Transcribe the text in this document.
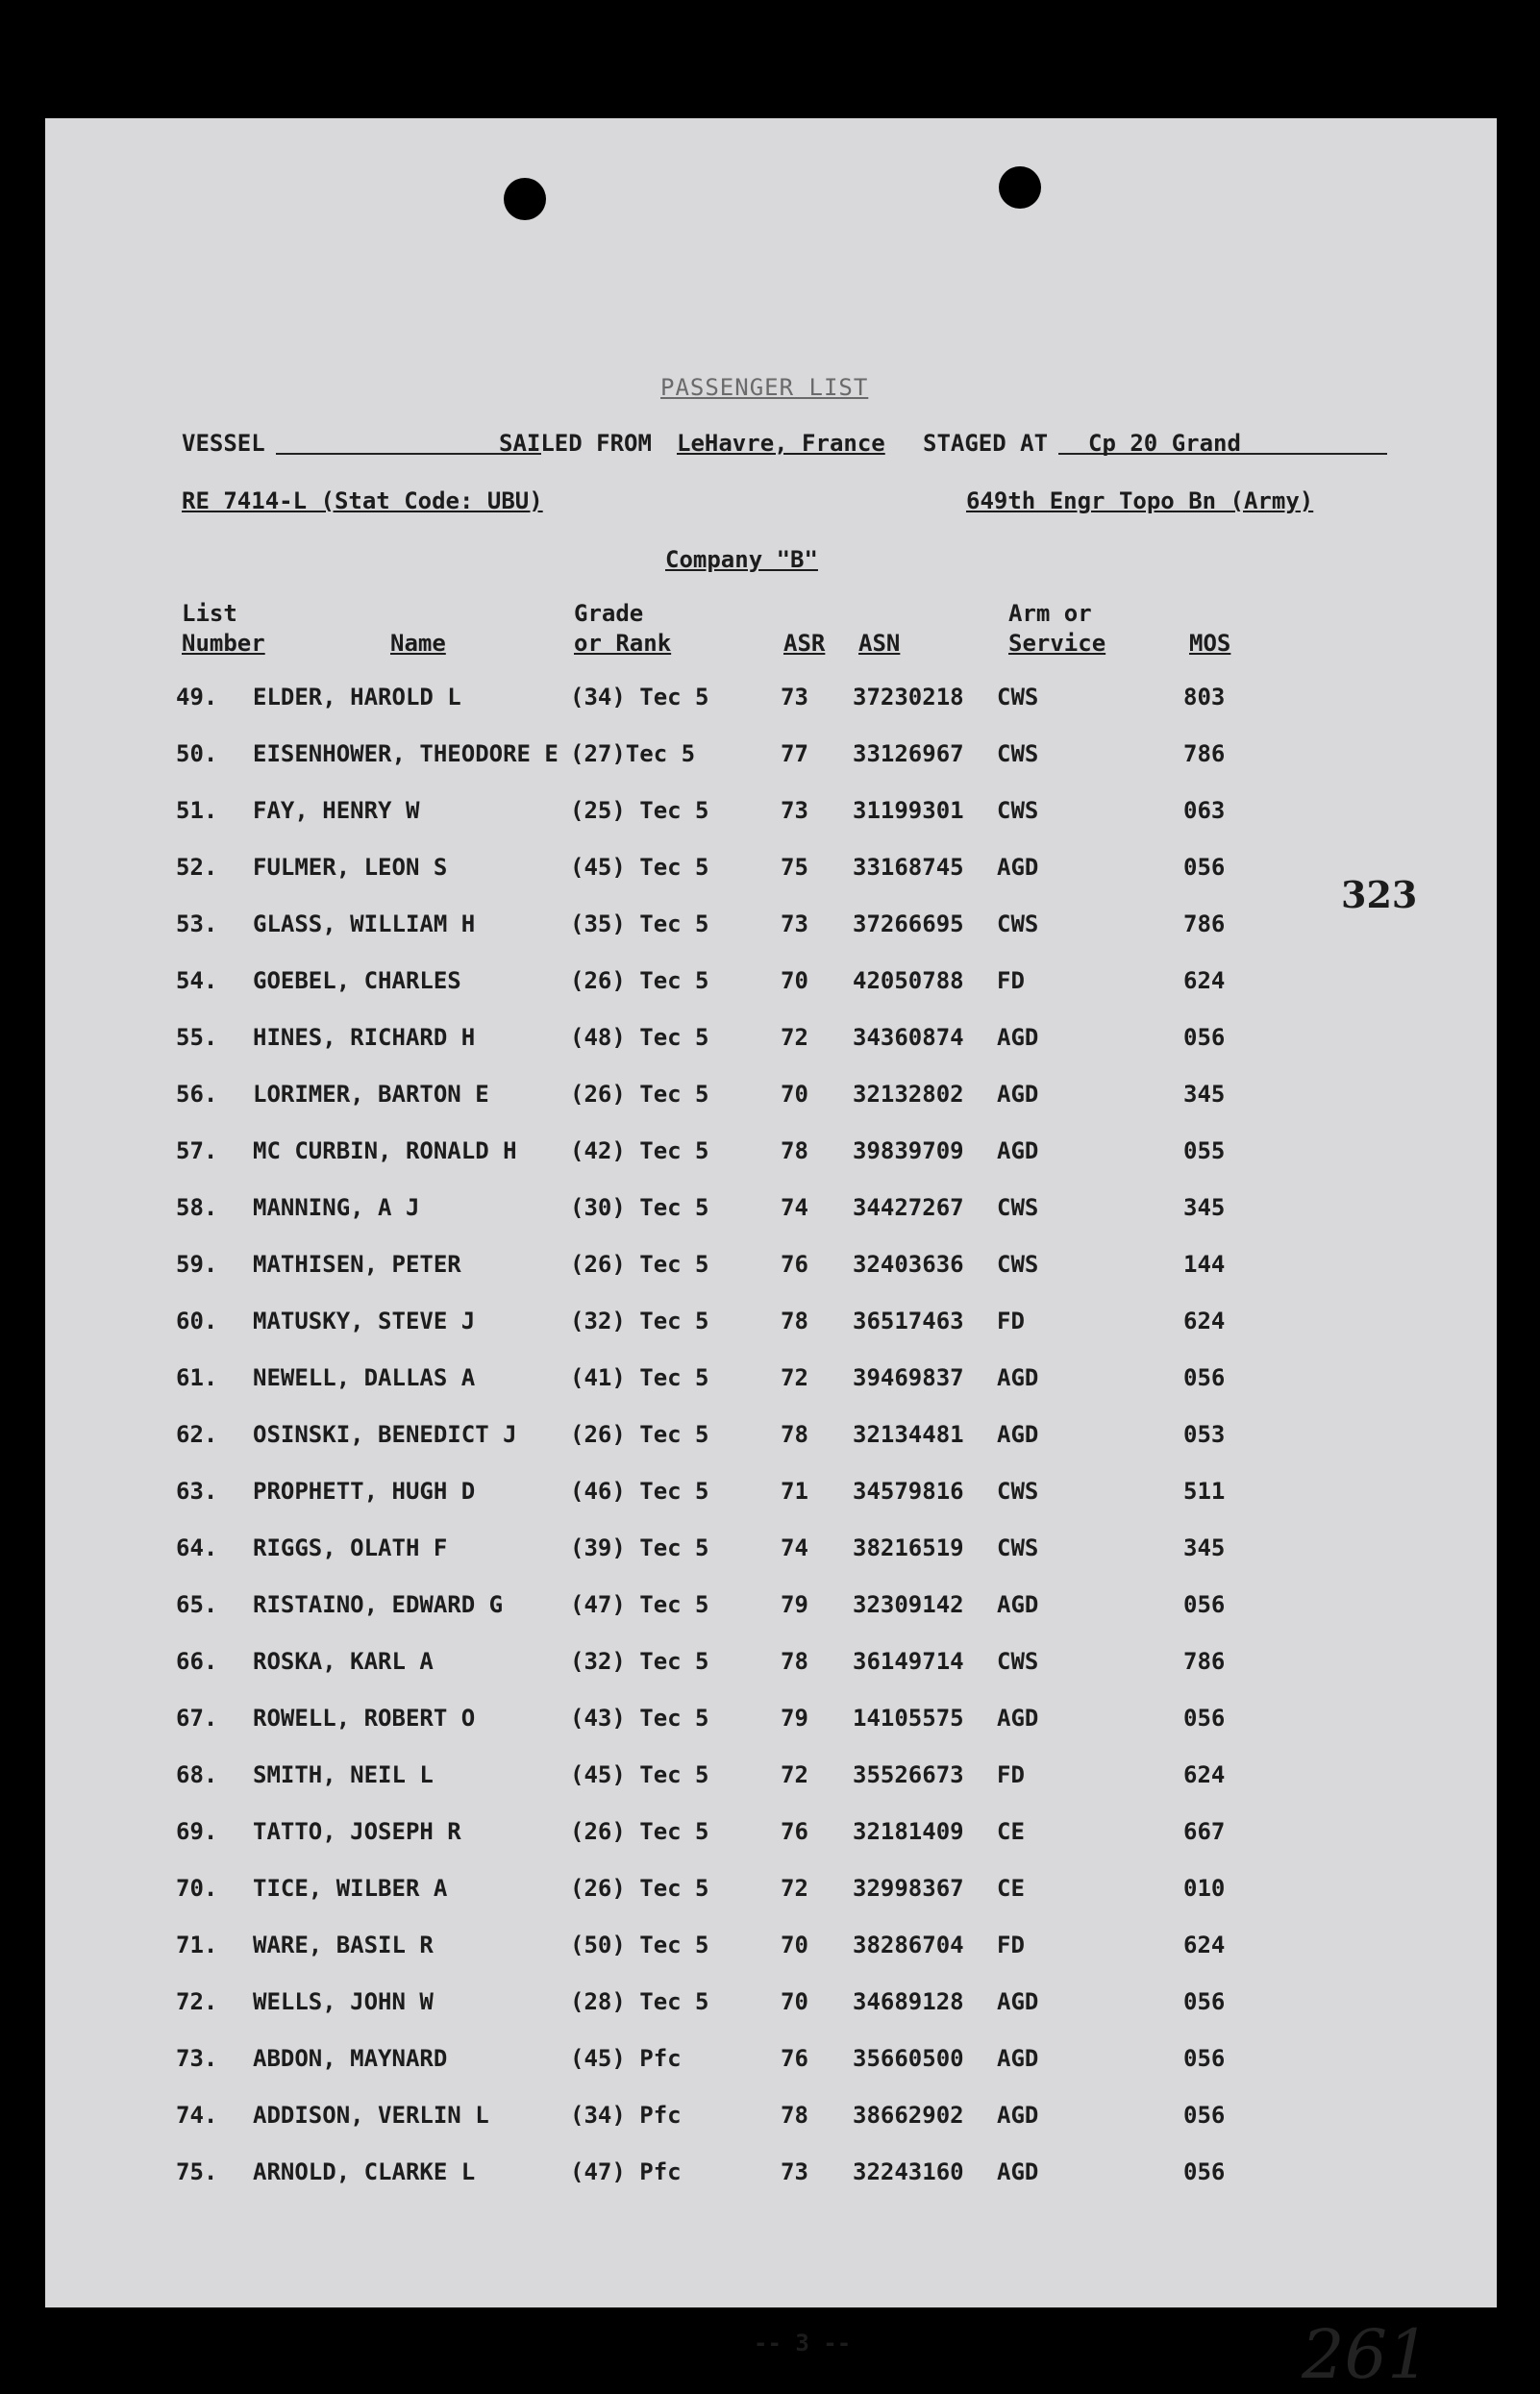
PASSENGER LIST
VESSEL	SAILED FROM LeHavre, France STAGED AT Cp 20 Grand
RE 7414-L (Stat Code: UBU)	649th Engr Topo Bn (Army)
Company "B"
List
Number	Name
Grade
or Rank	ASR ASN
Arm or
Service	MOS
49. ELDER, HAROLD L	(34) Tec 5	73 37230218 CWS	803
50. EISENHOWER, THEODORE E (27)Tec 5	77 33126967 CWS	786
51. FAY, HENRY W	(25) Tec 5	73 31199301 CWS	063
52. FULMER, LEON S	(45) Tec 5	75 33168745 AGD	056
53. GLASS, WILLIAM H	(35) Tec 5	73 37266695 CWS	786
54. GOEBEL, CHARLES	(26) Tec 5	70 42050788 FD	624
55. HINES, RICHARD H	(48) Tec 5	72 34360874 AGD	056
56. LORIMER, BARTON E	(26) Tec 5	70 32132802 AGD	345
57. MC CURBIN, RONALD H (42) Tec 5	78 39839709 AGD	055
58. MANNING, A J	(30) Tec 5	74 34427267 CWS	345
59. MATHISEN, PETER	(26) Tec 5	76 32403636 CWS	144
60. MATUSKY, STEVE J	(32) Tec 5	78 36517463 FD	624
61. NEWELL, DALLAS A	(41) Tec 5	72 39469837 AGD	056
62. OSINSKI, BENEDICT J (26) Tec 5	78 32134481 AGD	053
63. PROPHETT, HUGH D	(46) Tec 5	71 34579816 CWS	511
64. RIGGS, OLATH F	(39) Tec 5	74 38216519 CWS	345
65. RISTAINO, EDWARD G	(47) Tec 5	79 32309142 AGD	056
66. ROSKA, KARL A	(32) Tec 5	78 36149714 CWS	786
67. ROWELL, ROBERT O	(43) Tec 5	79 14105575 AGD	056
68. SMITH, NEIL L	(45) Tec 5	72 35526673 FD	624
69. TATTO, JOSEPH R	(26) Tec 5	76 32181409 CE	667
70. TICE, WILBER A	(26) Tec 5	72 32998367 CE	010
71. WARE, BASIL R	(50) Tec 5	70 38286704 FD	624
72. WELLS, JOHN W	(28) Tec 5	70 34689128 AGD	056
73. ABDON, MAYNARD	(45) Pfc	76 35660500 AGD	056
74. ADDISON, VERLIN L	(34) Pfc	78 38662902 AGD	056
75. ARNOLD, CLARKE L	(47) Pfc	73 32243160 AGD	056
-- 3 --
323
261
